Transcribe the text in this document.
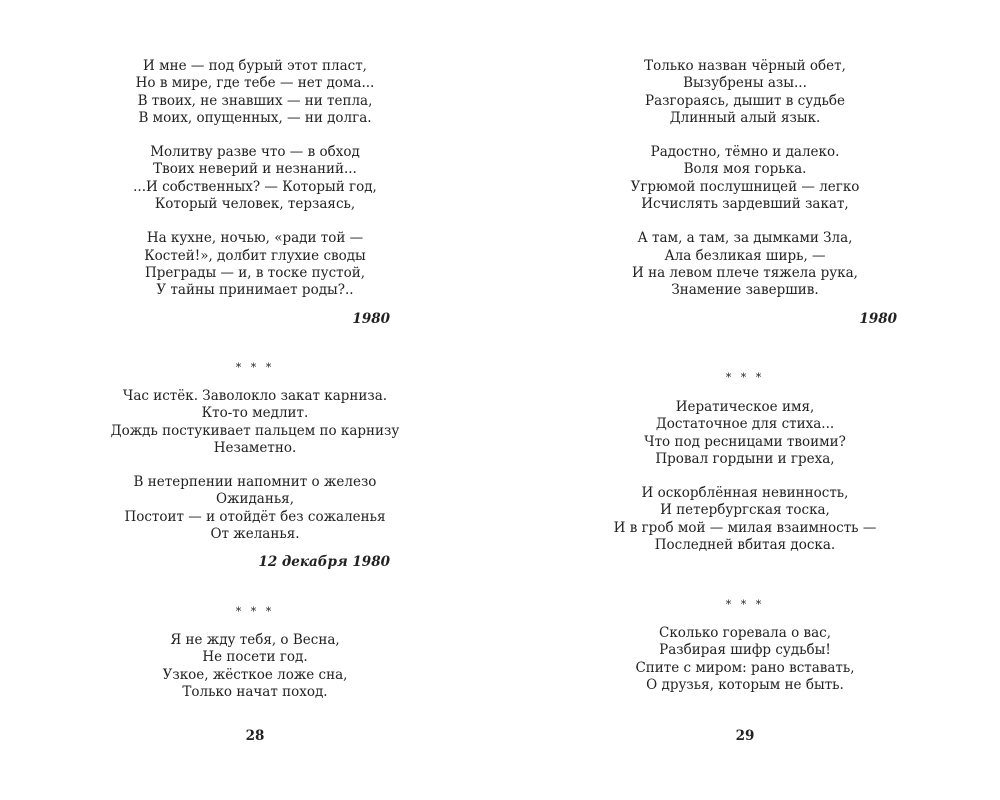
И мне — под бурый этот пласт,
Но в мире, где тебе — нет дома...
В твоих, не знавших — ни тепла,
В моих, опущенных, — ни долга.
Молитву разве что — в обход
Твоих неверий и незнаний...
...И собственных? — Который год,
Который человек, терзаясь,
На кухне, ночью, «ради той —
Костей!», долбит глухие своды
Преграды — и, в тоске пустой,
У тайны принимает роды?..
1980
* * *
Час истёк. Заволокло закат карниза.
Кто-то медлит.
Дождь постукивает пальцем по карнизу
Незаметно.
В нетерпении напомнит о железо
Ожиданья,
Постоит — и отойдёт без сожаленья
От желанья.
12 декабря 1980
* * *
Я не жду тебя, о Весна,
Не посети год.
Узкое, жёсткое ложе сна,
Только начат поход.
28
Только назван чёрный обет,
Вызубрены азы...
Разгораясь, дышит в судьбе
Длинный алый язык.
Радостно, тёмно и далеко.
Воля моя горька.
Угрюмой послушницей — легко
Исчислять зардевший закат,
А там, а там, за дымками Зла,
Ала безликая ширь, —
И на левом плече тяжела рука,
Знамение завершив.
1980
* * *
Иератическое имя,
Достаточное для стиха...
Что под ресницами твоими?
Провал гордыни и греха,
И оскорблённая невинность,
И петербургская тоска,
И в гроб мой — милая взаимность —
Последней вбитая доска.
* * *
Сколько горевала о вас,
Разбирая шифр судьбы!
Спите с миром: рано вставать,
О друзья, которым не быть.
29
